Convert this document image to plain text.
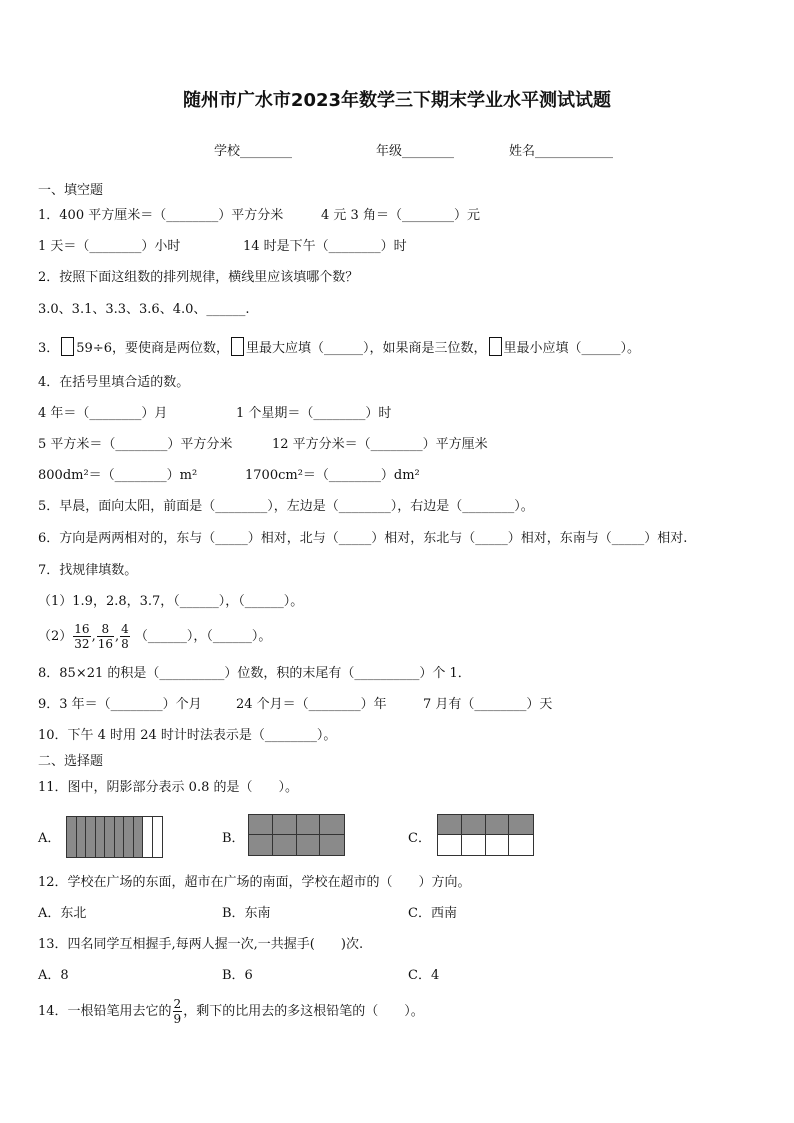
随州市广水市2023年数学三下期末学业水平测试试题
学校________	年级________	姓名____________
一、填空题
1．400 平方厘米＝（________）平方分米	4 元 3 角＝（________）元
1 天＝（________）小时	14 时是下午（________）时
2．按照下面这组数的排列规律，横线里应该填哪个数？
3.0、3.1、3.3、3.6、4.0、______.
3． 59÷6，要使商是两位数， 里最大应填（______），如果商是三位数， 里最小应填（______）。
4．在括号里填合适的数。
4 年＝（________）月	1 个星期＝（________）时
5 平方米＝（________）平方分米	12 平方分米＝（________）平方厘米
800dm²＝（________）m²	1700cm²＝（________）dm²
5．早晨，面向太阳，前面是（________），左边是（________），右边是（________）。
6．方向是两两相对的，东与（_____）相对，北与（_____）相对，东北与（_____）相对，东南与（_____）相对.
7．找规律填数。
（1）1.9，2.8，3.7，（______），（______）。
$(2) \frac{16}{32}$ , $\frac{8}{16}$ , $\frac{4}{8}$ （______），（______）。
8．85×21 的积是（__________）位数，积的末尾有（__________）个 1．
9．3 年＝（________）个月	24 个月＝（________）年	7 月有（________）天
10．下午 4 时用 24 时计时法表示是（________）。
二、选择题
11．图中，阴影部分表示 0.8 的是（　　）。
A．	B．	C．
12．学校在广场的东面，超市在广场的南面，学校在超市的（　　）方向。
A．东北	B．东南	C．西南
13．四名同学互相握手,每两人握一次,一共握手(　　)次.
A．8	B．6	C．4
14．一根铅笔用去它的 $\frac{2}{9}$ ，剩下的比用去的多这根铅笔的（　　）。
